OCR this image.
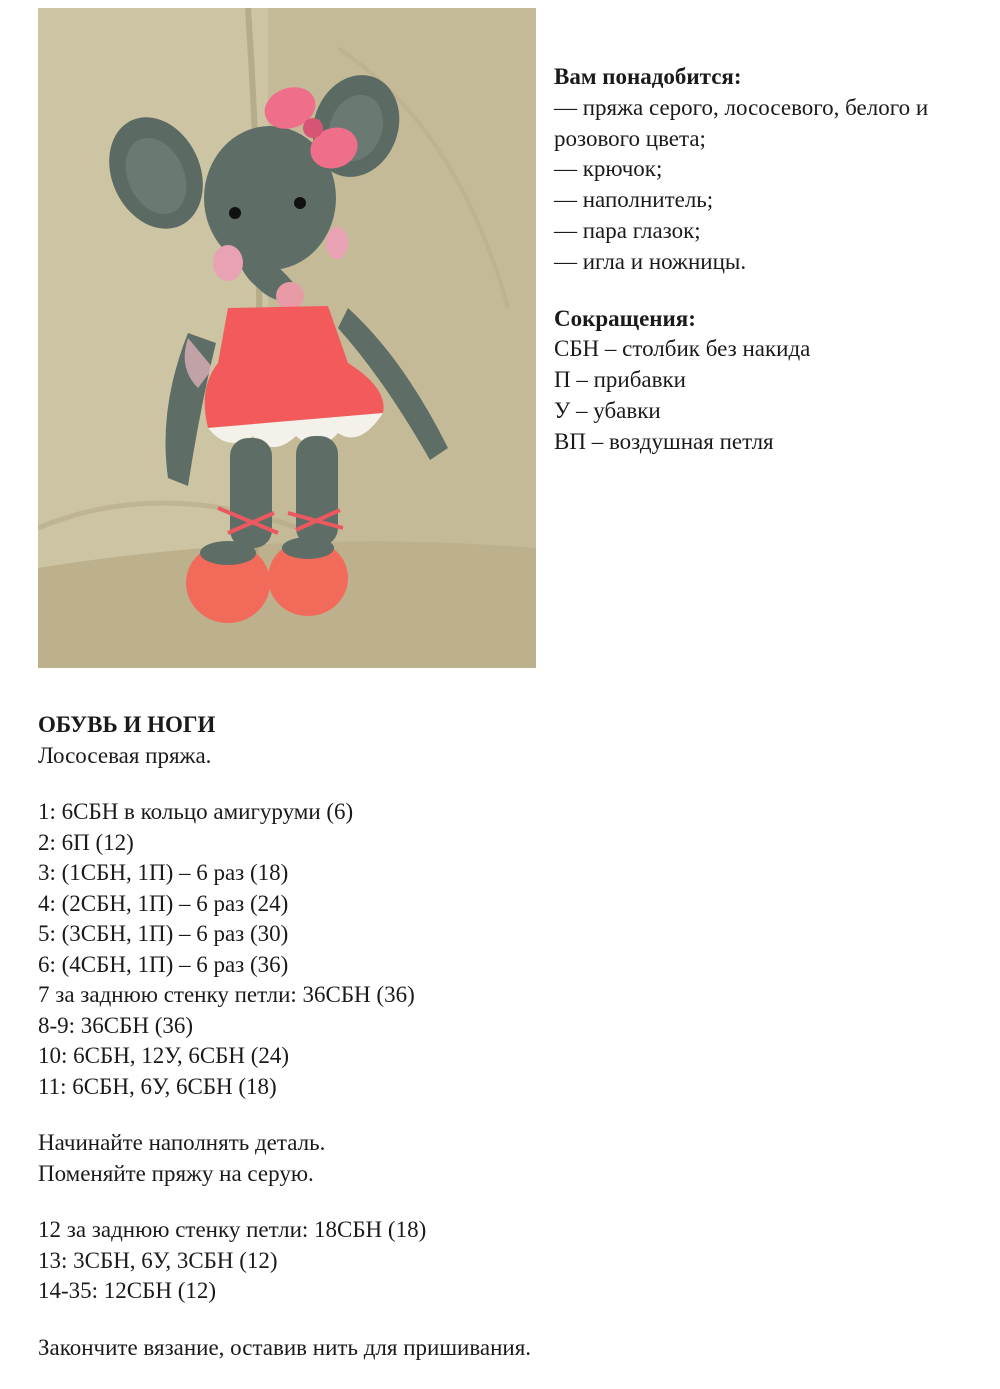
Вам понадобится:
— пряжа серого, лососевого, белого и
розового цвета;
— крючок;
— наполнитель;
— пара глазок;
— игла и ножницы.
Сокращения:
СБН – столбик без накида
П – прибавки
У – убавки
ВП – воздушная петля
ОБУВЬ И НОГИ
Лососевая пряжа.
1: 6СБН в кольцо амигуруми (6)
2: 6П (12)
3: (1СБН, 1П) – 6 раз (18)
4: (2СБН, 1П) – 6 раз (24)
5: (3СБН, 1П) – 6 раз (30)
6: (4СБН, 1П) – 6 раз (36)
7 за заднюю стенку петли: 36СБН (36)
8-9: 36СБН (36)
10: 6СБН, 12У, 6СБН (24)
11: 6СБН, 6У, 6СБН (18)
Начинайте наполнять деталь.
Поменяйте пряжу на серую.
12 за заднюю стенку петли: 18СБН (18)
13: 3СБН, 6У, 3СБН (12)
14-35: 12СБН (12)
Закончите вязание, оставив нить для пришивания.
